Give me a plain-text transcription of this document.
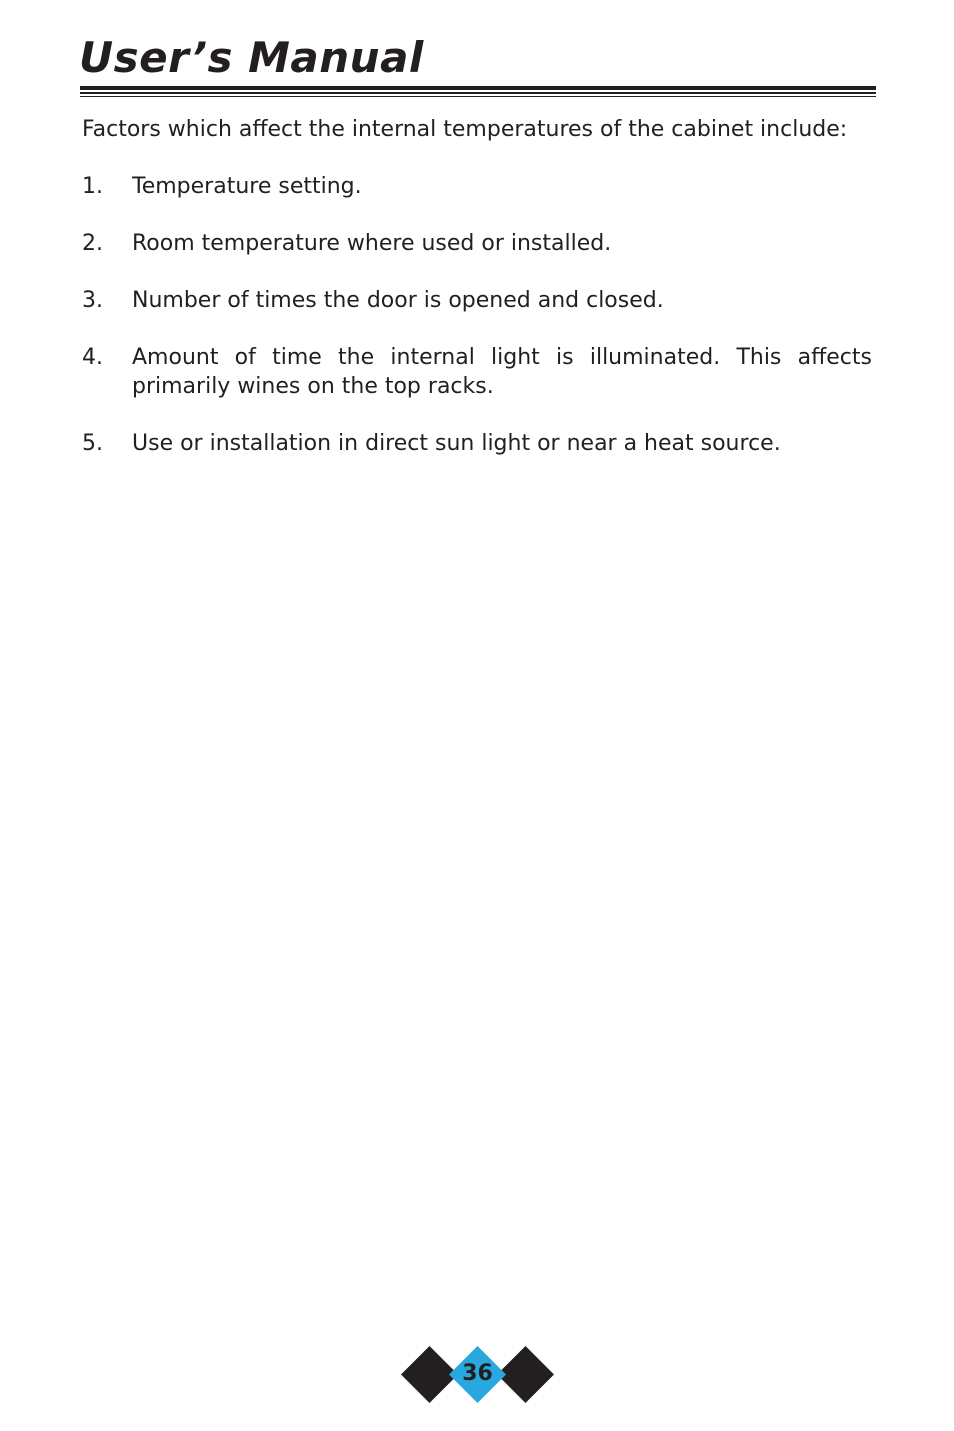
User’s Manual
Factors which affect the internal temperatures of the cabinet include:
1. Temperature setting.
2. Room temperature where used or installed.
3. Number of times the door is opened and closed.
4. Amount of time the internal light is illuminated. This affects primarily wines on the top racks.
5. Use or installation in direct sun light or near a heat source.
36
